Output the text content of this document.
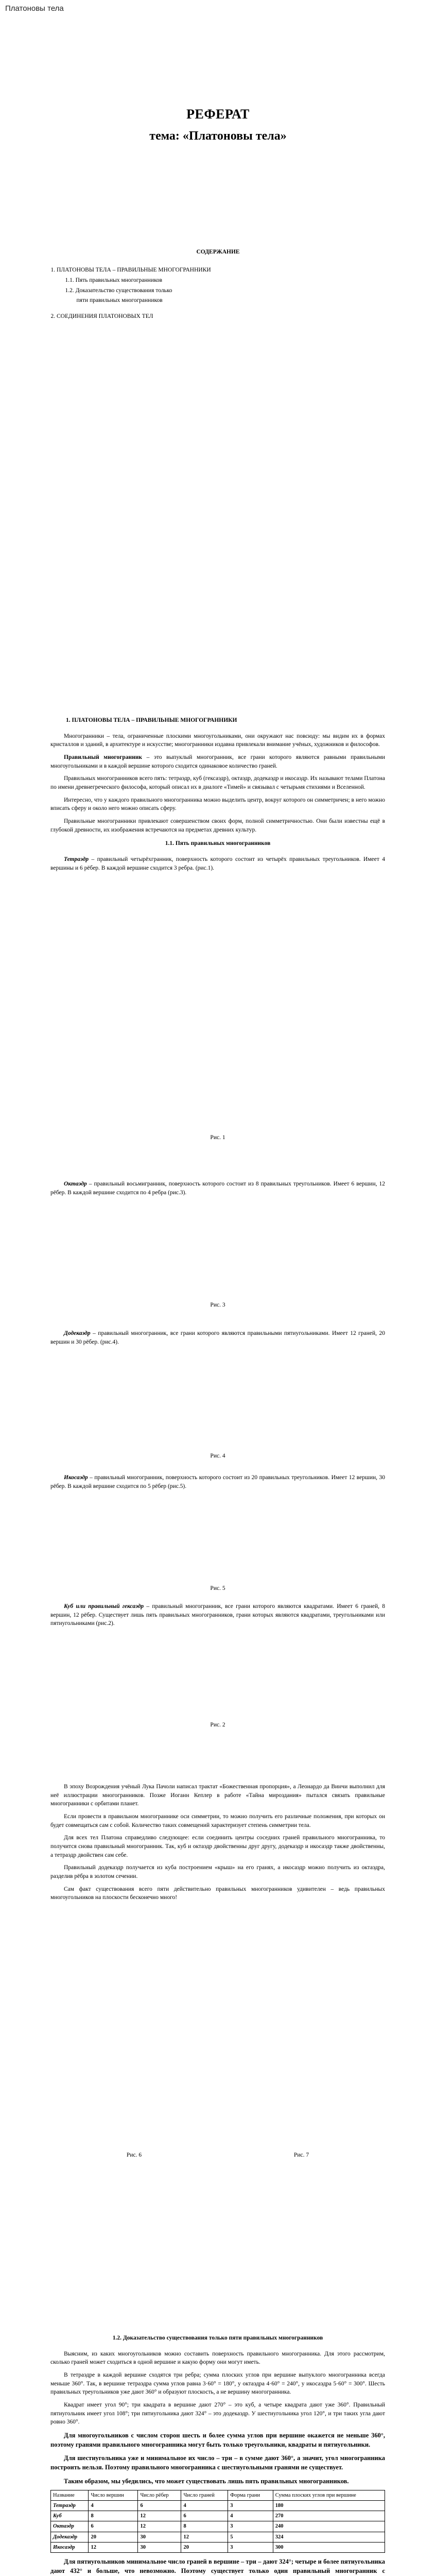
Платоновы тела
РЕФЕРАТ
тема: «Платоновы тела»
СОДЕРЖАНИЕ

1. ПЛАТОНОВЫ ТЕЛА – ПРАВИЛЬНЫЕ МНОГОГРАННИКИ

1.1. Пять правильных многогранников

1.2. Доказательство существования только

пяти правильных многогранников

2. СОЕДИНЕНИЯ ПЛАТОНОВЫХ ТЕЛ

1. ПЛАТОНОВЫ ТЕЛА – ПРАВИЛЬНЫЕ МНОГОГРАННИКИ

Многогранники – тела, ограниченные плоскими многоугольниками, они окружают нас повсюду: мы видим их в формах кристаллов и зданий, в архитектуре и искусстве; многогранники издавна привлекали внимание учёных, художников и философов.

Правильный многогранник – это выпуклый многогранник, все грани которого являются равными правильными многоугольниками и в каждой вершине которого сходится одинаковое количество граней.

Правильных многогранников всего пять: тетраэдр, куб (гексаэдр), октаэдр, додекаэдр и икосаэдр. Их называют телами Платона по имени древнегреческого философа, который описал их в диалоге «Тимей» и связывал с четырьмя стихиями и Вселенной.

Интересно, что у каждого правильного многогранника можно выделить центр, вокруг которого он симметричен; в него можно вписать сферу и около него можно описать сферу.

Правильные многогранники привлекают совершенством своих форм, полной симметричностью. Они были известны ещё в глубокой древности, их изображения встречаются на предметах древних культур.

1.1. Пять правильных многогранников

Тетраэдр – правильный четырёхгранник, поверхность которого состоит из четырёх правильных треугольников. Имеет 4 вершины и 6 рёбер. В каждой вершине сходится 3 ребра. (рис.1).

Рис. 1

Октаэдр – правильный восьмигранник, поверхность которого состоит из 8 правильных треугольников. Имеет 6 вершин, 12 рёбер. В каждой вершине сходится по 4 ребра (рис.3).

Рис. 3

Додекаэдр – правильный многогранник, все грани которого являются правильными пятиугольниками. Имеет 12 граней, 20 вершин и 30 рёбер. (рис.4).

Рис. 4

Икосаэдр – правильный многогранник, поверхность которого состоит из 20 правильных треугольников. Имеет 12 вершин, 30 рёбер. В каждой вершине сходится по 5 рёбер (рис.5).

Рис. 5

Куб или правильный гексаэдр – правильный многогранник, все грани которого являются квадратами. Имеет 6 граней, 8 вершин, 12 рёбер. Существует лишь пять правильных многогранников, грани которых являются квадратами, треугольниками или пятиугольниками (рис.2).

Рис. 2

В эпоху Возрождения учёный Лука Пачоли написал трактат «Божественная пропорция», а Леонардо да Винчи выполнил для неё иллюстрации многогранников. Позже Иоганн Кеплер в работе «Тайна мироздания» пытался связать правильные многогранники с орбитами планет.

Если провести в правильном многограннике оси симметрии, то можно получить его различные положения, при которых он будет совмещаться сам с собой. Количество таких совмещений характеризует степень симметрии тела.

Для всех тел Платона справедливо следующее: если соединить центры соседних граней правильного многогранника, то получится снова правильный многогранник. Так, куб и октаэдр двойственны друг другу, додекаэдр и икосаэдр также двойственны, а тетраэдр двойствен сам себе.

Правильный додекаэдр получается из куба построением «крыш» на его гранях, а икосаэдр можно получить из октаэдра, разделив рёбра в золотом сечении.

Сам факт существования всего пяти действительно правильных многогранников удивителен – ведь правильных многоугольников на плоскости бесконечно много!

Рис. 6	Рис. 7
1.2. Доказательство существования только пяти правильных многогранников

Выясним, из каких многоугольников можно составить поверхность правильного многогранника. Для этого рассмотрим, сколько граней может сходиться в одной вершине и какую форму они могут иметь.

В тетраэдре в каждой вершине сходятся три ребра; сумма плоских углов при вершине выпуклого многогранника всегда меньше 360°. Так, в вершине тетраэдра сумма углов равна 3·60° = 180°, у октаэдра 4·60° = 240°, у икосаэдра 5·60° = 300°. Шесть правильных треугольников уже дают 360° и образуют плоскость, а не вершину многогранника.

Квадрат имеет угол 90°; три квадрата в вершине дают 270° – это куб, а четыре квадрата дают уже 360°. Правильный пятиугольник имеет угол 108°; три пятиугольника дают 324° – это додекаэдр. У шестиугольника угол 120°, и три таких угла дают ровно 360°.

Для многоугольников с числом сторон шесть и более сумма углов при вершине окажется не меньше 360°, поэтому гранями правильного многогранника могут быть только треугольники, квадраты и пятиугольники.

Для шестиугольника уже и минимальное их число – три – в сумме дают 360°, а значит, угол многогранника построить нельзя. Поэтому правильного многогранника с шестиугольными гранями не существует.

Таким образом, мы убедились, что может существовать лишь пять правильных многогранников.

Название	Число вершин	Число рёбер	Число граней	Форма грани	Сумма плоских углов при вершине
Тетраэдр	4	6	4	3	180
Куб	8	12	6	4	270
Октаэдр	6	12	8	3	240
Додекаэдр	20	30	12	5	324
Икосаэдр	12	30	20	3	300

Для пятиугольников минимальное число граней в вершине – три – дают 324°; четыре и более пятиугольника дают 432° и больше, что невозможно. Поэтому существует только один правильный многогранник с
